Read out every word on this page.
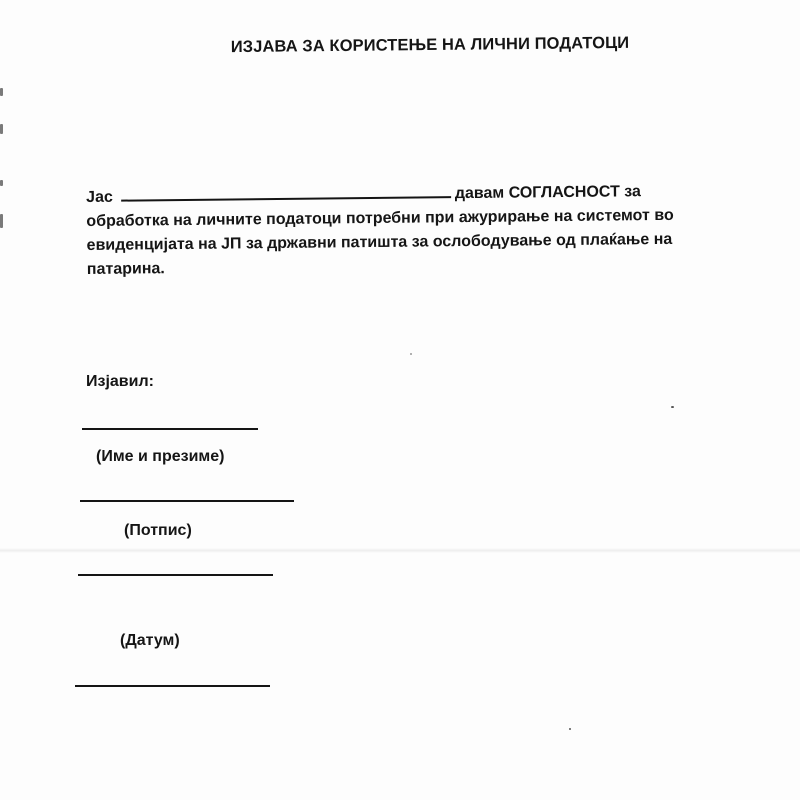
ИЗЈАВА ЗА КОРИСТЕЊЕ НА ЛИЧНИ ПОДАТОЦИ
Јас	давам СОГЛАСНОСТ за
обработка на личните податоци потребни при ажурирање на системот во
евиденцијата на ЈП за државни патишта за ослободување од плаќање на
патарина.
Изјавил:
(Име и презиме)
(Потпис)
(Датум)
